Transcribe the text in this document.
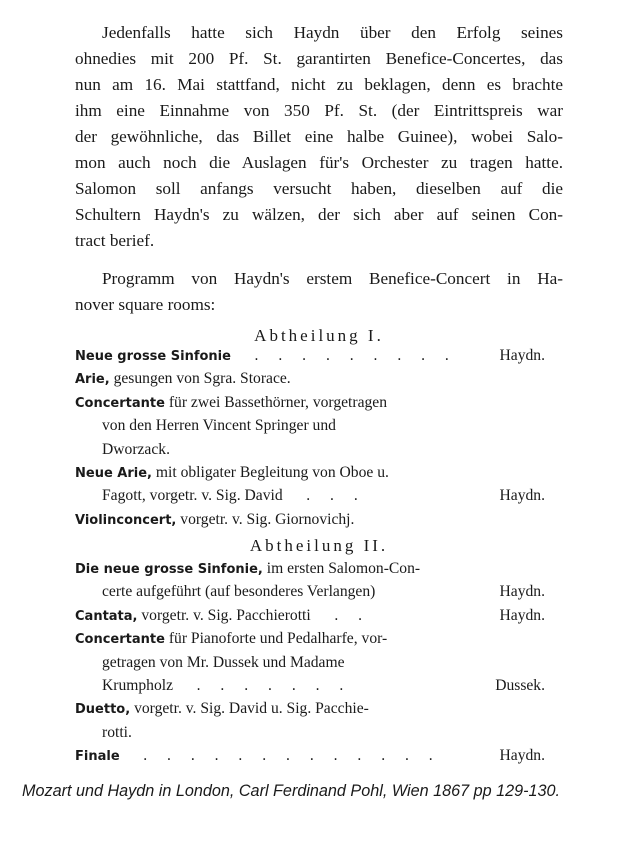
Jedenfalls hatte sich Haydn über den Erfolg seines
ohnedies mit 200 Pf. St. garantirten Benefice-Concertes, das
nun am 16. Mai stattfand, nicht zu beklagen, denn es brachte
ihm eine Einnahme von 350 Pf. St. (der Eintrittspreis war
der gewöhnliche, das Billet eine halbe Guinee), wobei Salo-
mon auch noch die Auslagen für's Orchester zu tragen hatte.
Salomon soll anfangs versucht haben, dieselben auf die
Schultern Haydn's zu wälzen, der sich aber auf seinen Con-
tract berief.
Programm von Haydn's erstem Benefice-Concert in Ha-
nover square rooms:

Abtheilung I.

Neue grosse Sinfonie . . . . . . . . .	Haydn.
Arie, gesungen von Sgra. Storace.
Concertante für zwei Bassethörner, vorgetragen
von den Herren Vincent Springer und
Dworzack.
Neue Arie, mit obligater Begleitung von Oboe u.
Fagott, vorgetr. v. Sig. David . . .	Haydn.
Violinconcert, vorgetr. v. Sig. Giornovichj.

Abtheilung II.

Die neue grosse Sinfonie, im ersten Salomon-Con-
certe aufgeführt (auf besonderes Verlangen)	Haydn.
Cantata, vorgetr. v. Sig. Pacchierotti . .	Haydn.
Concertante für Pianoforte und Pedalharfe, vor-
getragen von Mr. Dussek und Madame
Krumpholz . . . . . . .	Dussek.
Duetto, vorgetr. v. Sig. David u. Sig. Pacchie-
rotti.
Finale . . . . . . . . . . . . .	Haydn.

Mozart und Haydn in London, Carl Ferdinand Pohl, Wien 1867 pp 129-130.
